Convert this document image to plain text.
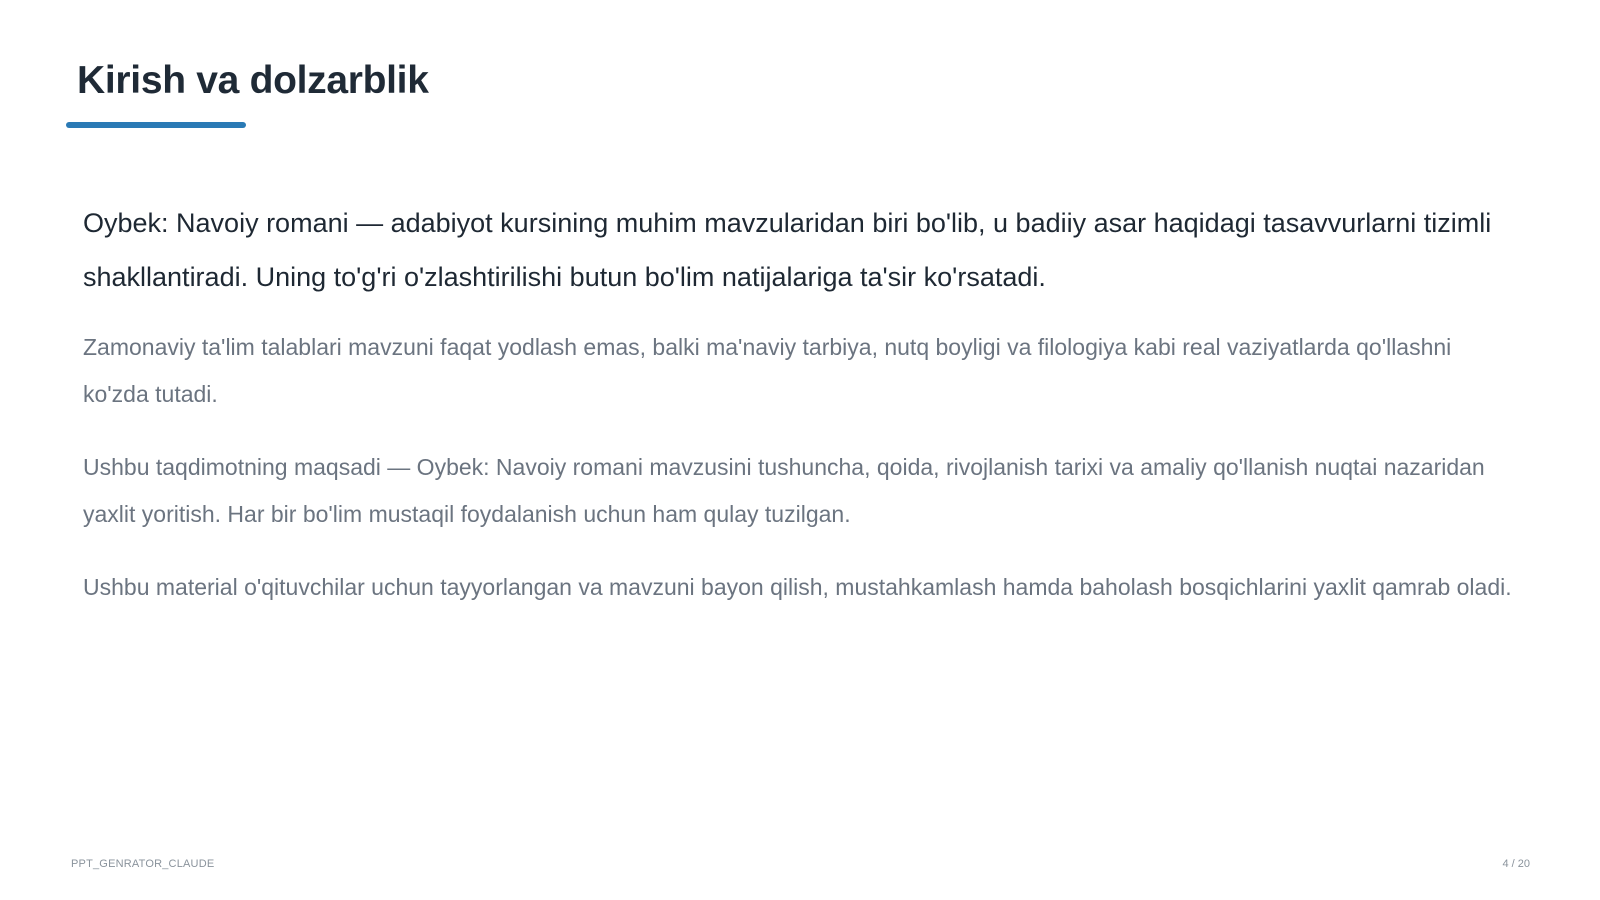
Kirish va dolzarblik

Oybek: Navoiy romani — adabiyot kursining muhim mavzularidan biri bo'lib, u badiiy asar haqidagi tasavvurlarni tizimli shakllantiradi. Uning to'g'ri o'zlashtirilishi butun bo'lim natijalariga ta'sir ko'rsatadi.

Zamonaviy ta'lim talablari mavzuni faqat yodlash emas, balki ma'naviy tarbiya, nutq boyligi va filologiya kabi real vaziyatlarda qo'llashni ko'zda tutadi.

Ushbu taqdimotning maqsadi — Oybek: Navoiy romani mavzusini tushuncha, qoida, rivojlanish tarixi va amaliy qo'llanish nuqtai nazaridan yaxlit yoritish. Har bir bo'lim mustaqil foydalanish uchun ham qulay tuzilgan.

Ushbu material o'qituvchilar uchun tayyorlangan va mavzuni bayon qilish, mustahkamlash hamda baholash bosqichlarini yaxlit qamrab oladi.

PPT_GENRATOR_CLAUDE	4 / 20
